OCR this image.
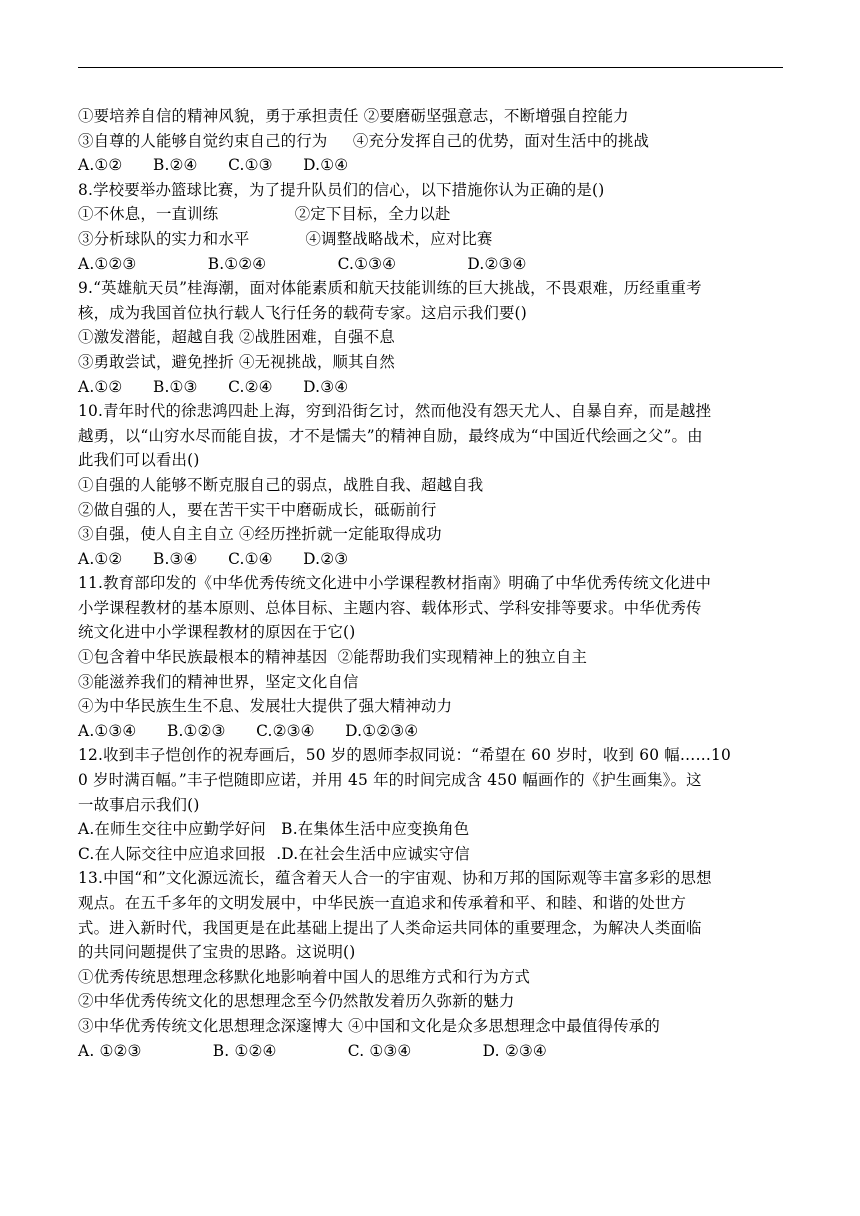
①要培养自信的精神风貌，勇于承担责任 ②要磨砺坚强意志，不断增强自控能力
③自尊的人能够自觉约束自己的行为     ④充分发挥自己的优势，面对生活中的挑战
A.①②      B.②④      C.①③      D.①④
8.学校要举办篮球比赛，为了提升队员们的信心，以下措施你认为正确的是()
①不休息，一直训练               ②定下目标，全力以赴
③分析球队的实力和水平           ④调整战略战术，应对比赛
A.①②③              B.①②④              C.①③④              D.②③④
9.“英雄航天员”桂海潮，面对体能素质和航天技能训练的巨大挑战，不畏艰难，历经重重考
核，成为我国首位执行载人飞行任务的载荷专家。这启示我们要()
①激发潜能，超越自我 ②战胜困难，自强不息
③勇敢尝试，避免挫折 ④无视挑战，顺其自然
A.①②      B.①③      C.②④      D.③④
10.青年时代的徐悲鸿四赴上海，穷到沿街乞讨，然而他没有怨天尤人、自暴自弃，而是越挫
越勇，以“山穷水尽而能自拔，才不是懦夫”的精神自励，最终成为“中国近代绘画之父”。由
此我们可以看出()
①自强的人能够不断克服自己的弱点，战胜自我、超越自我
②做自强的人，要在苦干实干中磨砺成长，砥砺前行
③自强，使人自主自立 ④经历挫折就一定能取得成功
A.①②      B.③④      C.①④      D.②③
11.教育部印发的《中华优秀传统文化进中小学课程教材指南》明确了中华优秀传统文化进中
小学课程教材的基本原则、总体目标、主题内容、载体形式、学科安排等要求。中华优秀传
统文化进中小学课程教材的原因在于它()
①包含着中华民族最根本的精神基因  ②能帮助我们实现精神上的独立自主
③能滋养我们的精神世界，坚定文化自信
④为中华民族生生不息、发展壮大提供了强大精神动力
A.①③④      B.①②③      C.②③④      D.①②③④
12.收到丰子恺创作的祝寿画后，50 岁的恩师李叔同说：“希望在 60 岁时，收到 60 幅……10
0 岁时满百幅。”丰子恺随即应诺，并用 45 年的时间完成含 450 幅画作的《护生画集》。这
一故事启示我们()
A.在师生交往中应勤学好问   B.在集体生活中应变换角色
C.在人际交往中应追求回报  .D.在社会生活中应诚实守信
13.中国“和”文化源远流长，蕴含着天人合一的宇宙观、协和万邦的国际观等丰富多彩的思想
观点。在五千多年的文明发展中，中华民族一直追求和传承着和平、和睦、和谐的处世方
式。进入新时代，我国更是在此基础上提出了人类命运共同体的重要理念，为解决人类面临
的共同问题提供了宝贵的思路。这说明()
①优秀传统思想理念移默化地影响着中国人的思维方式和行为方式
②中华优秀传统文化的思想理念至今仍然散发着历久弥新的魅力
③中华优秀传统文化思想理念深邃博大 ④中国和文化是众多思想理念中最值得传承的
A. ①②③              B. ①②④              C. ①③④              D. ②③④
